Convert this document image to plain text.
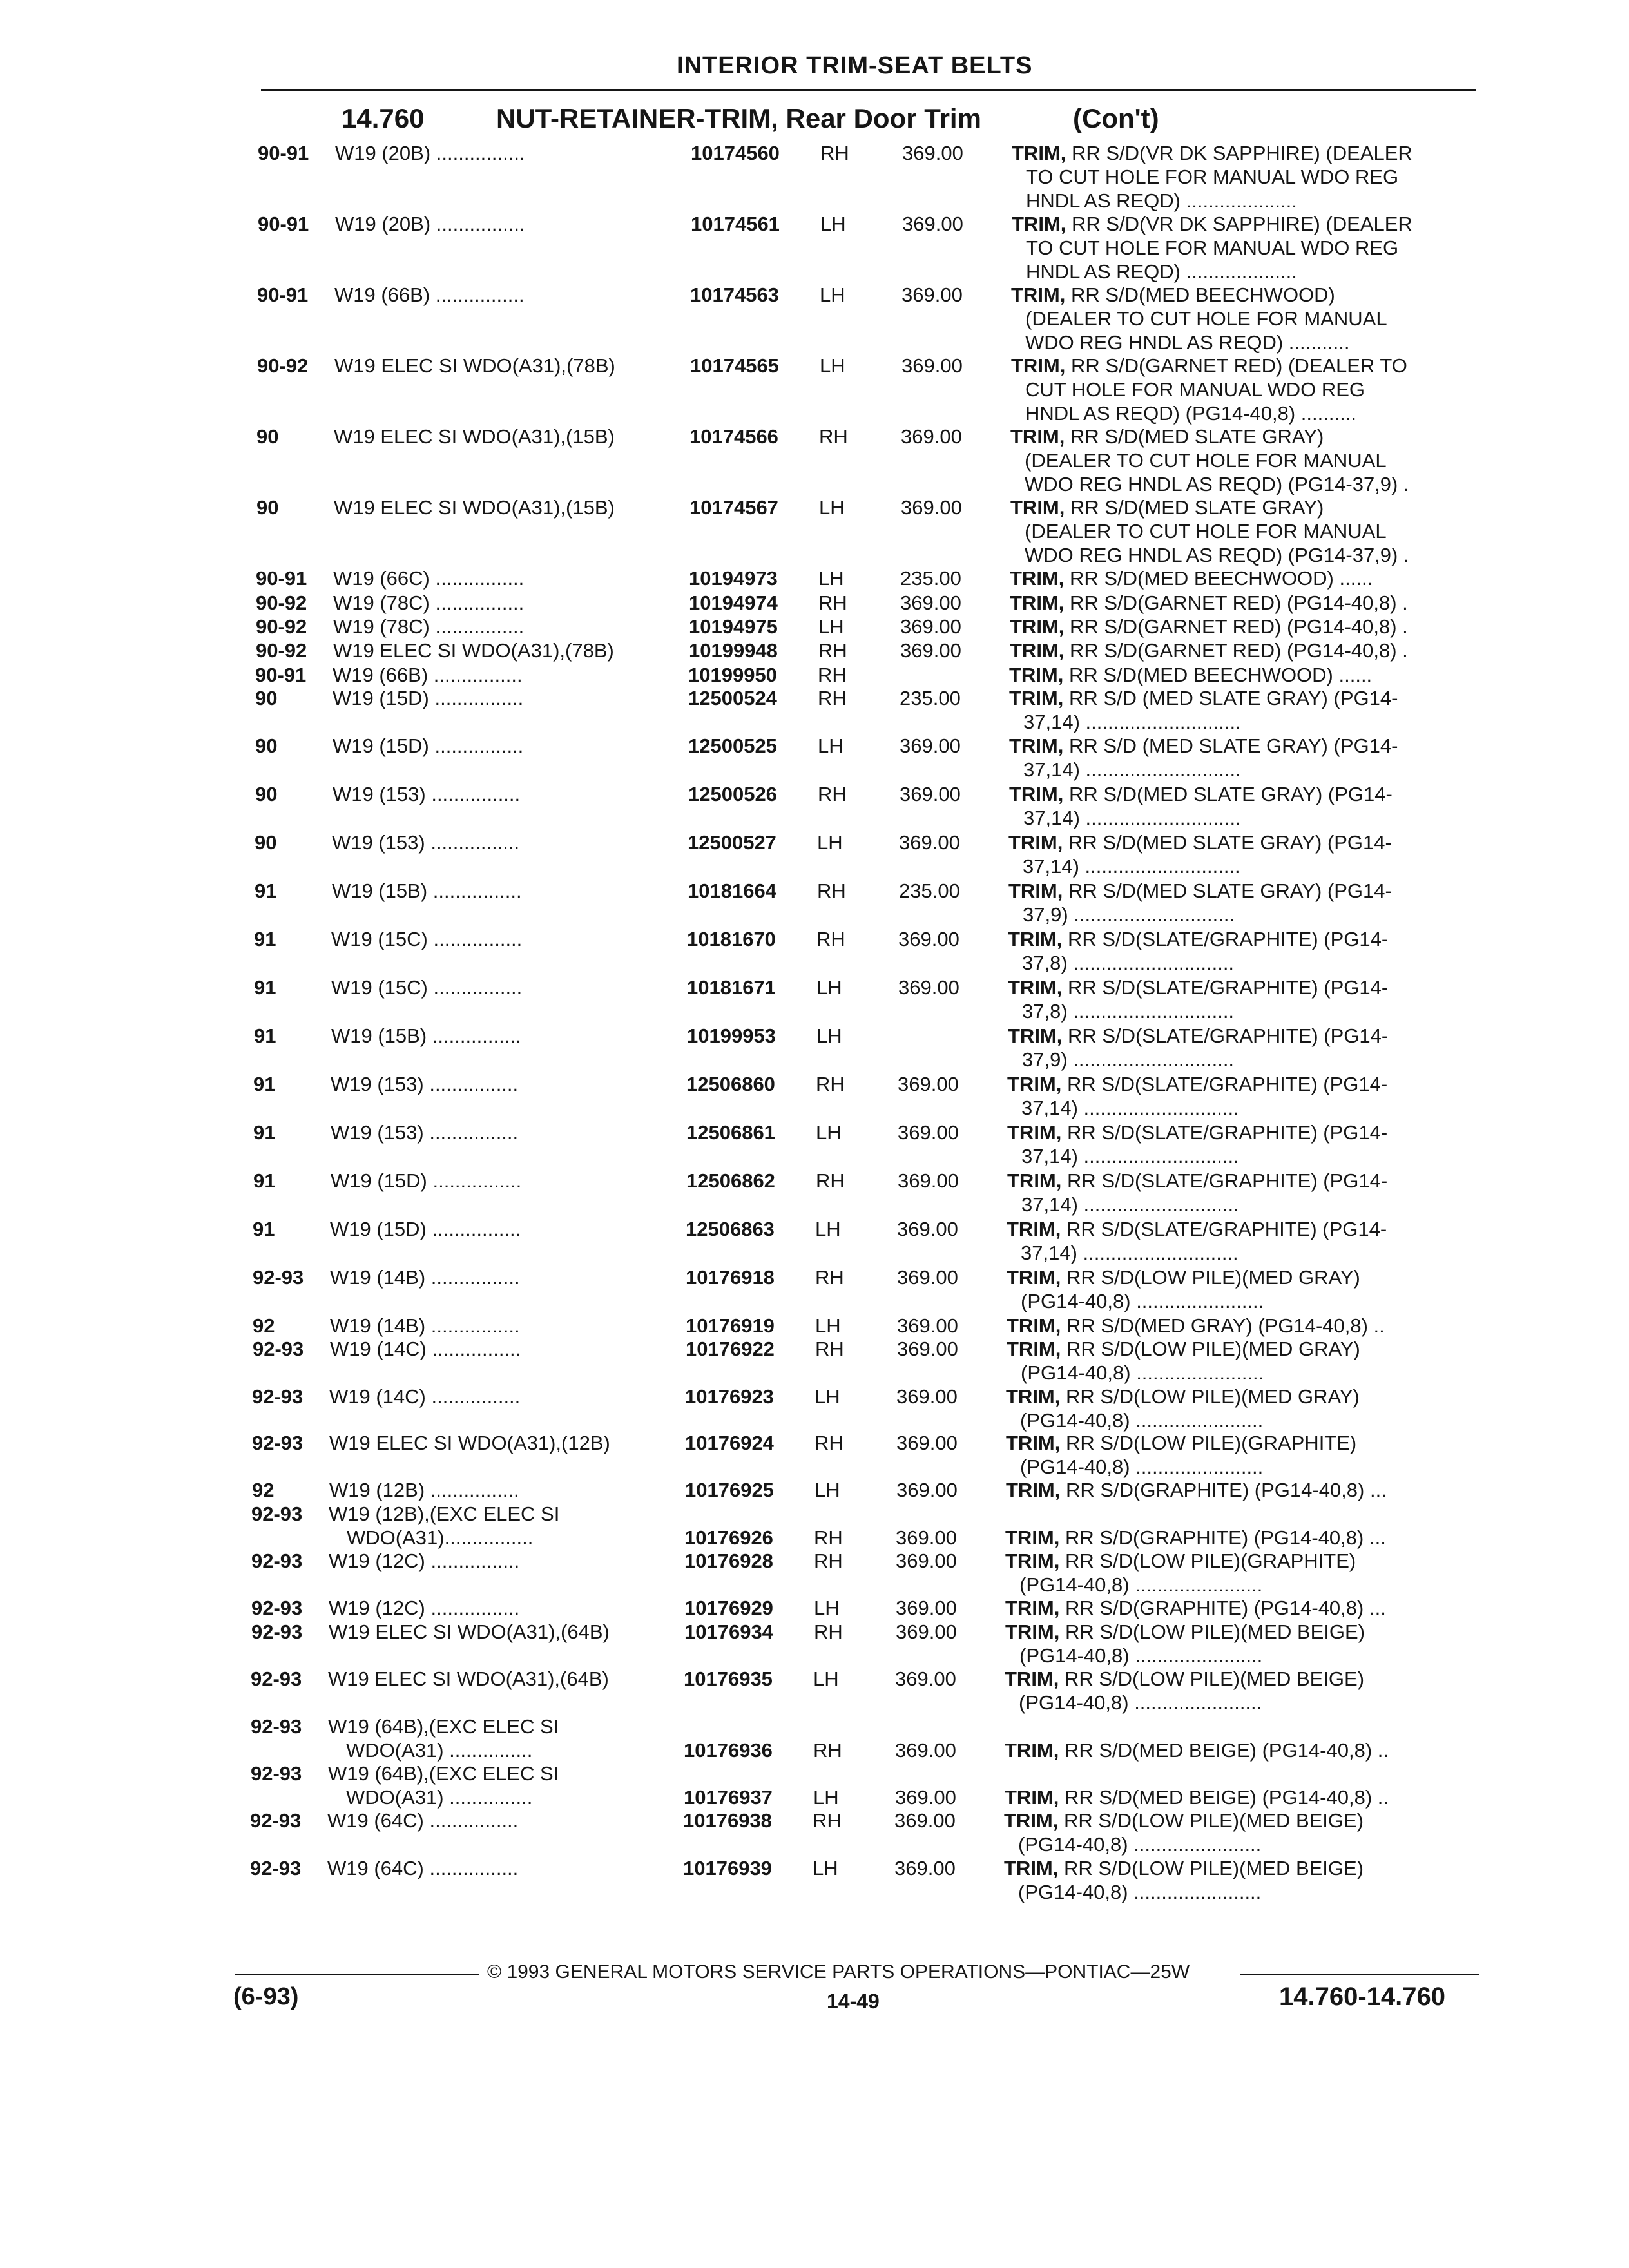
INTERIOR TRIM-SEAT BELTS
14.760	NUT-RETAINER-TRIM, Rear Door Trim	(Con't)
90-91 W19 (20B) ................	10174560 RH	369.00 TRIM, RR S/D(VR DK SAPPHIRE) (DEALER
TO CUT HOLE FOR MANUAL WDO REG
HNDL AS REQD) ....................
90-91 W19 (20B) ................	10174561 LH	369.00 TRIM, RR S/D(VR DK SAPPHIRE) (DEALER
TO CUT HOLE FOR MANUAL WDO REG
HNDL AS REQD) ....................
90-91 W19 (66B) ................	10174563 LH	369.00 TRIM, RR S/D(MED BEECHWOOD)
(DEALER TO CUT HOLE FOR MANUAL
WDO REG HNDL AS REQD) ...........
90-92 W19 ELEC SI WDO(A31),(78B)	10174565 LH	369.00 TRIM, RR S/D(GARNET RED) (DEALER TO
CUT HOLE FOR MANUAL WDO REG
HNDL AS REQD) (PG14-40,8) ..........
90	W19 ELEC SI WDO(A31),(15B)	10174566 RH	369.00 TRIM, RR S/D(MED SLATE GRAY)
(DEALER TO CUT HOLE FOR MANUAL
WDO REG HNDL AS REQD) (PG14-37,9) .
90	W19 ELEC SI WDO(A31),(15B)	10174567 LH	369.00 TRIM, RR S/D(MED SLATE GRAY)
(DEALER TO CUT HOLE FOR MANUAL
WDO REG HNDL AS REQD) (PG14-37,9) .
90-91 W19 (66C) ................	10194973 LH	235.00 TRIM, RR S/D(MED BEECHWOOD) ......
90-92 W19 (78C) ................	10194974 RH	369.00 TRIM, RR S/D(GARNET RED) (PG14-40,8) .
90-92 W19 (78C) ................	10194975 LH	369.00 TRIM, RR S/D(GARNET RED) (PG14-40,8) .
90-92 W19 ELEC SI WDO(A31),(78B)	10199948 RH	369.00 TRIM, RR S/D(GARNET RED) (PG14-40,8) .
90-91 W19 (66B) ................	10199950 RH	TRIM, RR S/D(MED BEECHWOOD) ......
90	W19 (15D) ................	12500524 RH	235.00 TRIM, RR S/D (MED SLATE GRAY) (PG14-
37,14) ............................
90	W19 (15D) ................	12500525 LH	369.00 TRIM, RR S/D (MED SLATE GRAY) (PG14-
37,14) ............................
90	W19 (153) ................	12500526 RH	369.00 TRIM, RR S/D(MED SLATE GRAY) (PG14-
37,14) ............................
90	W19 (153) ................	12500527 LH	369.00 TRIM, RR S/D(MED SLATE GRAY) (PG14-
37,14) ............................
91	W19 (15B) ................	10181664 RH	235.00 TRIM, RR S/D(MED SLATE GRAY) (PG14-
37,9) .............................
91	W19 (15C) ................	10181670 RH	369.00 TRIM, RR S/D(SLATE/GRAPHITE) (PG14-
37,8) .............................
91	W19 (15C) ................	10181671 LH	369.00 TRIM, RR S/D(SLATE/GRAPHITE) (PG14-
37,8) .............................
91	W19 (15B) ................	10199953 LH	TRIM, RR S/D(SLATE/GRAPHITE) (PG14-
37,9) .............................
91	W19 (153) ................	12506860 RH	369.00 TRIM, RR S/D(SLATE/GRAPHITE) (PG14-
37,14) ............................
91	W19 (153) ................	12506861 LH	369.00 TRIM, RR S/D(SLATE/GRAPHITE) (PG14-
37,14) ............................
91	W19 (15D) ................	12506862 RH	369.00 TRIM, RR S/D(SLATE/GRAPHITE) (PG14-
37,14) ............................
91	W19 (15D) ................	12506863 LH	369.00 TRIM, RR S/D(SLATE/GRAPHITE) (PG14-
37,14) ............................
92-93 W19 (14B) ................	10176918 RH	369.00 TRIM, RR S/D(LOW PILE)(MED GRAY)
(PG14-40,8) .......................
92	W19 (14B) ................	10176919 LH	369.00 TRIM, RR S/D(MED GRAY) (PG14-40,8) ..
92-93 W19 (14C) ................	10176922 RH	369.00 TRIM, RR S/D(LOW PILE)(MED GRAY)
(PG14-40,8) .......................
92-93 W19 (14C) ................	10176923 LH	369.00 TRIM, RR S/D(LOW PILE)(MED GRAY)
(PG14-40,8) .......................
92-93 W19 ELEC SI WDO(A31),(12B)	10176924 RH	369.00 TRIM, RR S/D(LOW PILE)(GRAPHITE)
(PG14-40,8) .......................
92	W19 (12B) ................	10176925 LH	369.00 TRIM, RR S/D(GRAPHITE) (PG14-40,8) ...
92-93 W19 (12B),(EXC ELEC SI
WDO(A31)................	10176926 RH	369.00 TRIM, RR S/D(GRAPHITE) (PG14-40,8) ...
92-93 W19 (12C) ................	10176928 RH	369.00 TRIM, RR S/D(LOW PILE)(GRAPHITE)
(PG14-40,8) .......................
92-93 W19 (12C) ................	10176929 LH	369.00 TRIM, RR S/D(GRAPHITE) (PG14-40,8) ...
92-93 W19 ELEC SI WDO(A31),(64B)	10176934 RH	369.00 TRIM, RR S/D(LOW PILE)(MED BEIGE)
(PG14-40,8) .......................
92-93 W19 ELEC SI WDO(A31),(64B)	10176935 LH	369.00 TRIM, RR S/D(LOW PILE)(MED BEIGE)
(PG14-40,8) .......................
92-93 W19 (64B),(EXC ELEC SI
WDO(A31) ...............	10176936 RH	369.00 TRIM, RR S/D(MED BEIGE) (PG14-40,8) ..
92-93 W19 (64B),(EXC ELEC SI
WDO(A31) ...............	10176937 LH	369.00 TRIM, RR S/D(MED BEIGE) (PG14-40,8) ..
92-93 W19 (64C) ................	10176938 RH	369.00 TRIM, RR S/D(LOW PILE)(MED BEIGE)
(PG14-40,8) .......................
92-93 W19 (64C) ................	10176939 LH	369.00 TRIM, RR S/D(LOW PILE)(MED BEIGE)
(PG14-40,8) .......................
© 1993 GENERAL MOTORS SERVICE PARTS OPERATIONS—PONTIAC—25W
(6-93)	14-49	14.760-14.760
